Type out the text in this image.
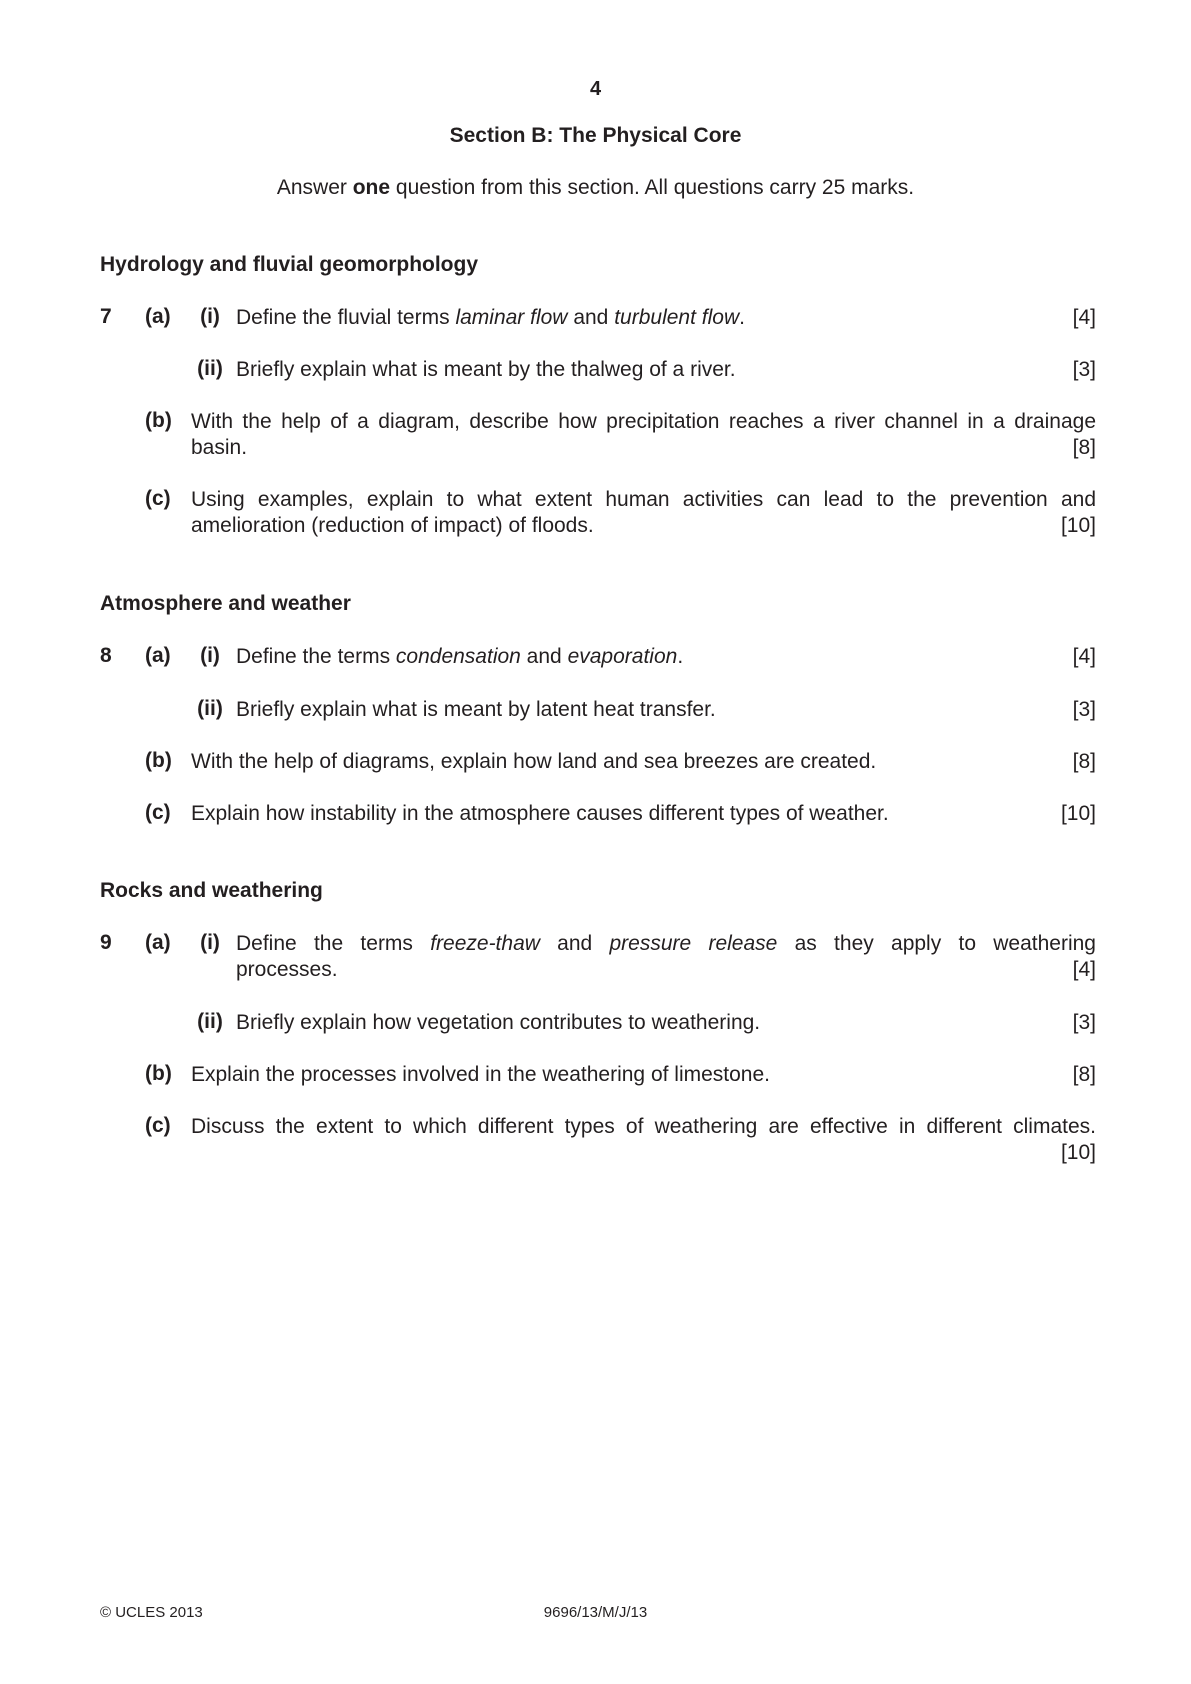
4
Section B: The Physical Core
Answer one question from this section. All questions carry 25 marks.
Hydrology and fluvial geomorphology
7 (a)	(i) Define the fluvial terms laminar flow and turbulent flow.	[4]
(ii) Briefly explain what is meant by the thalweg of a river.	[3]
(b) With the help of a diagram, describe how precipitation reaches a river channel in a drainage
basin.	[8]
(c) Using examples, explain to what extent human activities can lead to the prevention and
amelioration (reduction of impact) of floods.	[10]
Atmosphere and weather
8 (a)	(i) Define the terms condensation and evaporation.	[4]
(ii) Briefly explain what is meant by latent heat transfer.	[3]
(b) With the help of diagrams, explain how land and sea breezes are created.	[8]
(c) Explain how instability in the atmosphere causes different types of weather.	[10]
Rocks and weathering
9 (a)	(i) Define the terms freeze-thaw and pressure release as they apply to weathering
processes.	[4]
(ii) Briefly explain how vegetation contributes to weathering.	[3]
(b) Explain the processes involved in the weathering of limestone.	[8]
(c) Discuss the extent to which different types of weathering are effective in different climates.
[10]
© UCLES 2013	9696/13/M/J/13
